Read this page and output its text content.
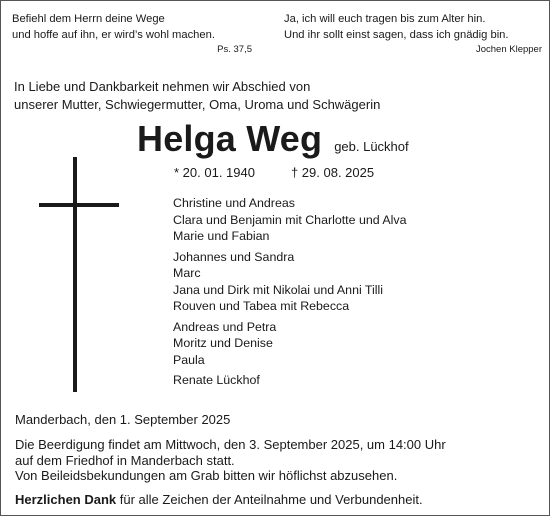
Befiehl dem Herrn deine Wege
und hoffe auf ihn, er wird’s wohl machen.
Ps. 37,5
Ja, ich will euch tragen bis zum Alter hin.
Und ihr sollt einst sagen, dass ich gnädig bin.
Jochen Klepper
In Liebe und Dankbarkeit nehmen wir Abschied von
unserer Mutter, Schwiegermutter, Oma, Uroma und Schwägerin
Helga Weg geb. Lückhof
* 20. 01. 1940	† 29. 08. 2025
Christine und Andreas
Clara und Benjamin mit Charlotte und Alva
Marie und Fabian
Johannes und Sandra
Marc
Jana und Dirk mit Nikolai und Anni Tilli
Rouven und Tabea mit Rebecca
Andreas und Petra
Moritz und Denise
Paula
Renate Lückhof
Manderbach, den 1. September 2025
Die Beerdigung findet am Mittwoch, den 3. September 2025, um 14:00 Uhr
auf dem Friedhof in Manderbach statt.
Von Beileidsbekundungen am Grab bitten wir höflichst abzusehen.
Herzlichen Dank für alle Zeichen der Anteilnahme und Verbundenheit.
